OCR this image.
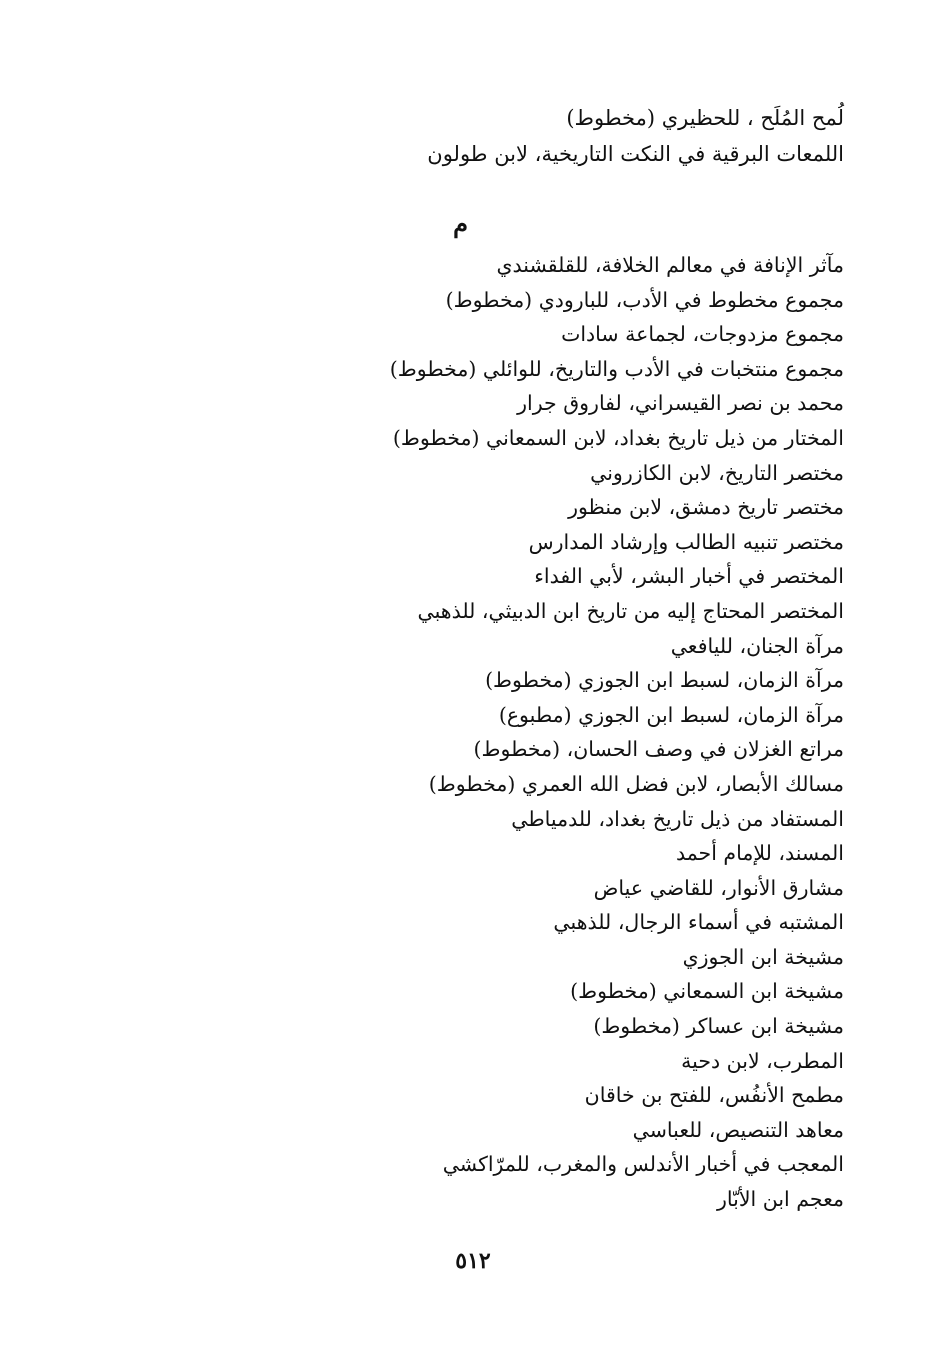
لُمح المُلَح ، للحظيري (مخطوط)
اللمعات البرقية في النكت التاريخية، لابن طولون
م
مآثر الإنافة في معالم الخلافة، للقلقشندي
مجموع مخطوط في الأدب، للبارودي (مخطوط)
مجموع مزدوجات، لجماعة سادات
مجموع منتخبات في الأدب والتاريخ، للوائلي (مخطوط)
محمد بن نصر القيسراني، لفاروق جرار
المختار من ذيل تاريخ بغداد، لابن السمعاني (مخطوط)
مختصر التاريخ، لابن الكازروني
مختصر تاريخ دمشق، لابن منظور
مختصر تنبيه الطالب وإرشاد المدارس
المختصر في أخبار البشر، لأبي الفداء
المختصر المحتاج إليه من تاريخ ابن الدبيثي، للذهبي
مرآة الجنان، لليافعي
مرآة الزمان، لسبط ابن الجوزي (مخطوط)
مرآة الزمان، لسبط ابن الجوزي (مطبوع)
مراتع الغزلان في وصف الحسان، (مخطوط)
مسالك الأبصار، لابن فضل الله العمري (مخطوط)
المستفاد من ذيل تاريخ بغداد، للدمياطي
المسند، للإمام أحمد
مشارق الأنوار، للقاضي عياض
المشتبه في أسماء الرجال، للذهبي
مشيخة ابن الجوزي
مشيخة ابن السمعاني (مخطوط)
مشيخة ابن عساكر (مخطوط)
المطرب، لابن دحية
مطمح الأنفُس، للفتح بن خاقان
معاهد التنصيص، للعباسي
المعجب في أخبار الأندلس والمغرب، للمرّاكشي
معجم ابن الأبّار
٥١٢
